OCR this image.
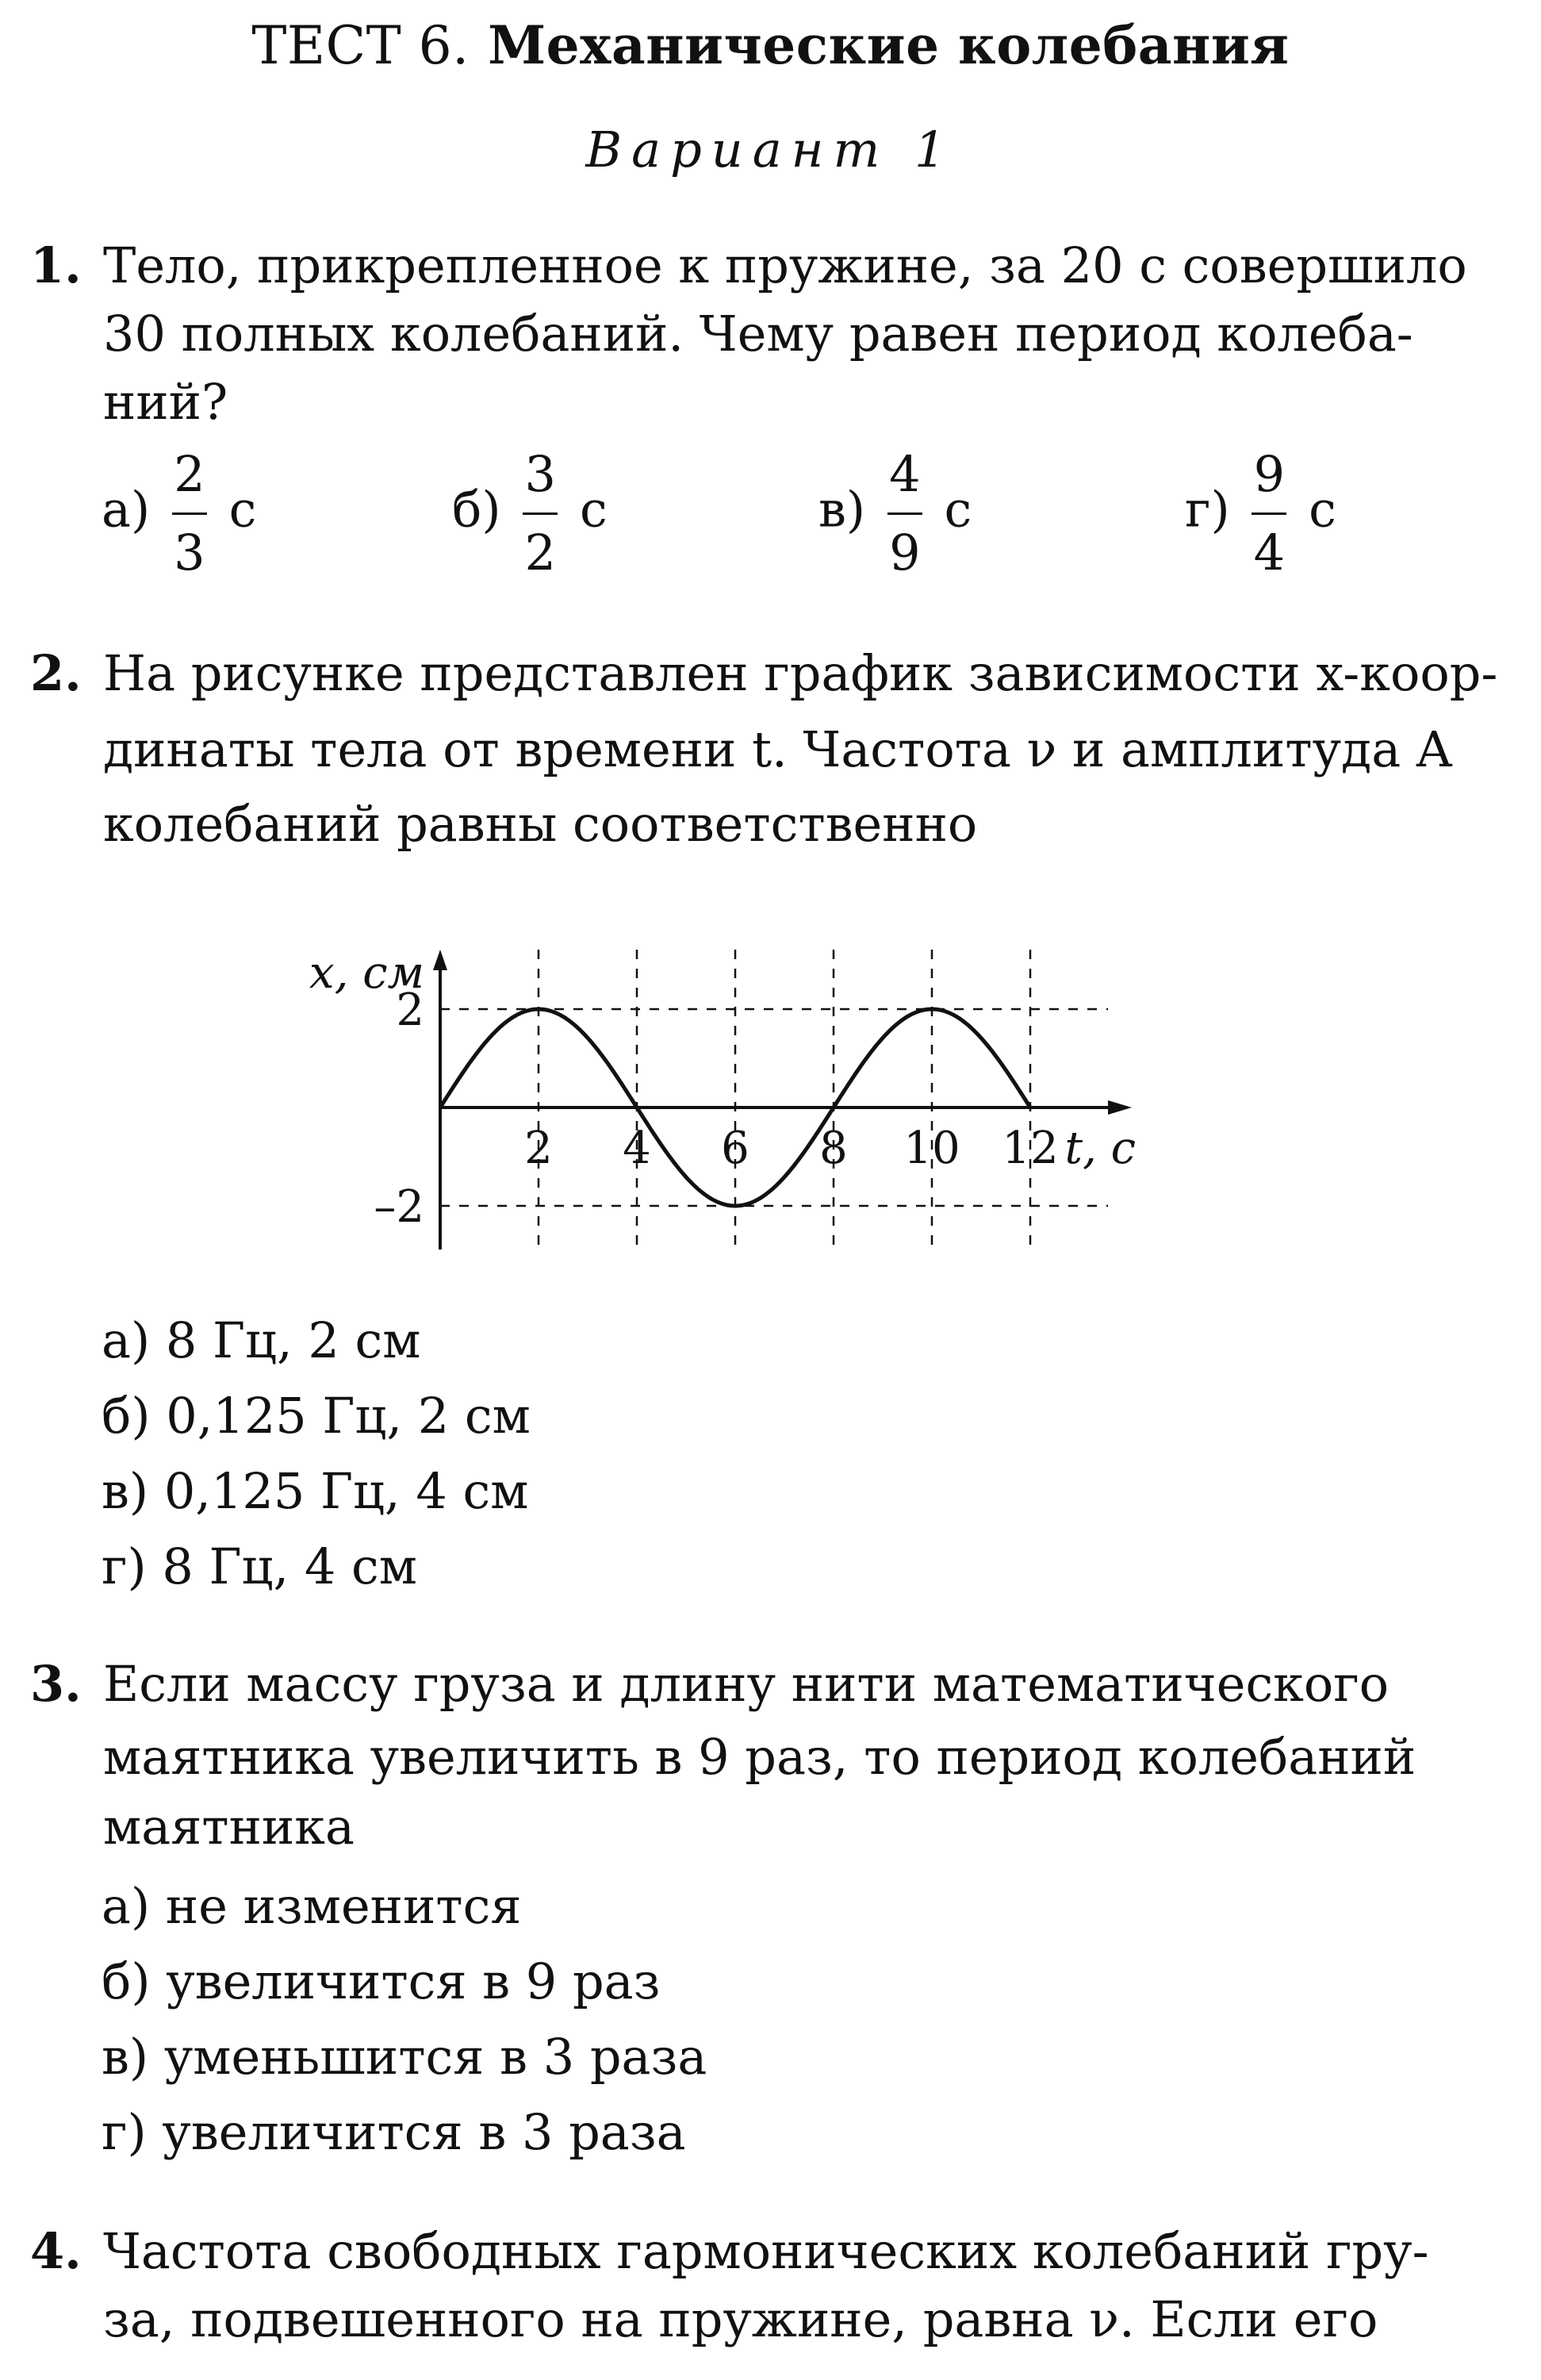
ТЕСТ 6. Механические колебания
Вариант 1
1. Тело, прикрепленное к пружине, за 20 с совершило
30 полных колебаний. Чему равен период колеба-
ний?
$а) \frac{2}{3}$ с	$б) \frac{3}{2}$ с	$в) \frac{4}{9}$ с	$г) \frac{9}{4}$ с
2. На рисунке представлен график зависимости x-коор-
динаты тела от времени t. Частота ν и амплитуда A
колебаний равны соответственно
2 4 6 8 10 12
2
–2
x, см
t, с
а) 8 Гц, 2 см
б) 0,125 Гц, 2 см
в) 0,125 Гц, 4 см
г) 8 Гц, 4 см
3. Если массу груза и длину нити математического
маятника увеличить в 9 раз, то период колебаний
маятника
а) не изменится
б) увеличится в 9 раз
в) уменьшится в 3 раза
г) увеличится в 3 раза
4. Частота свободных гармонических колебаний гру-
за, подвешенного на пружине, равна ν. Если его
